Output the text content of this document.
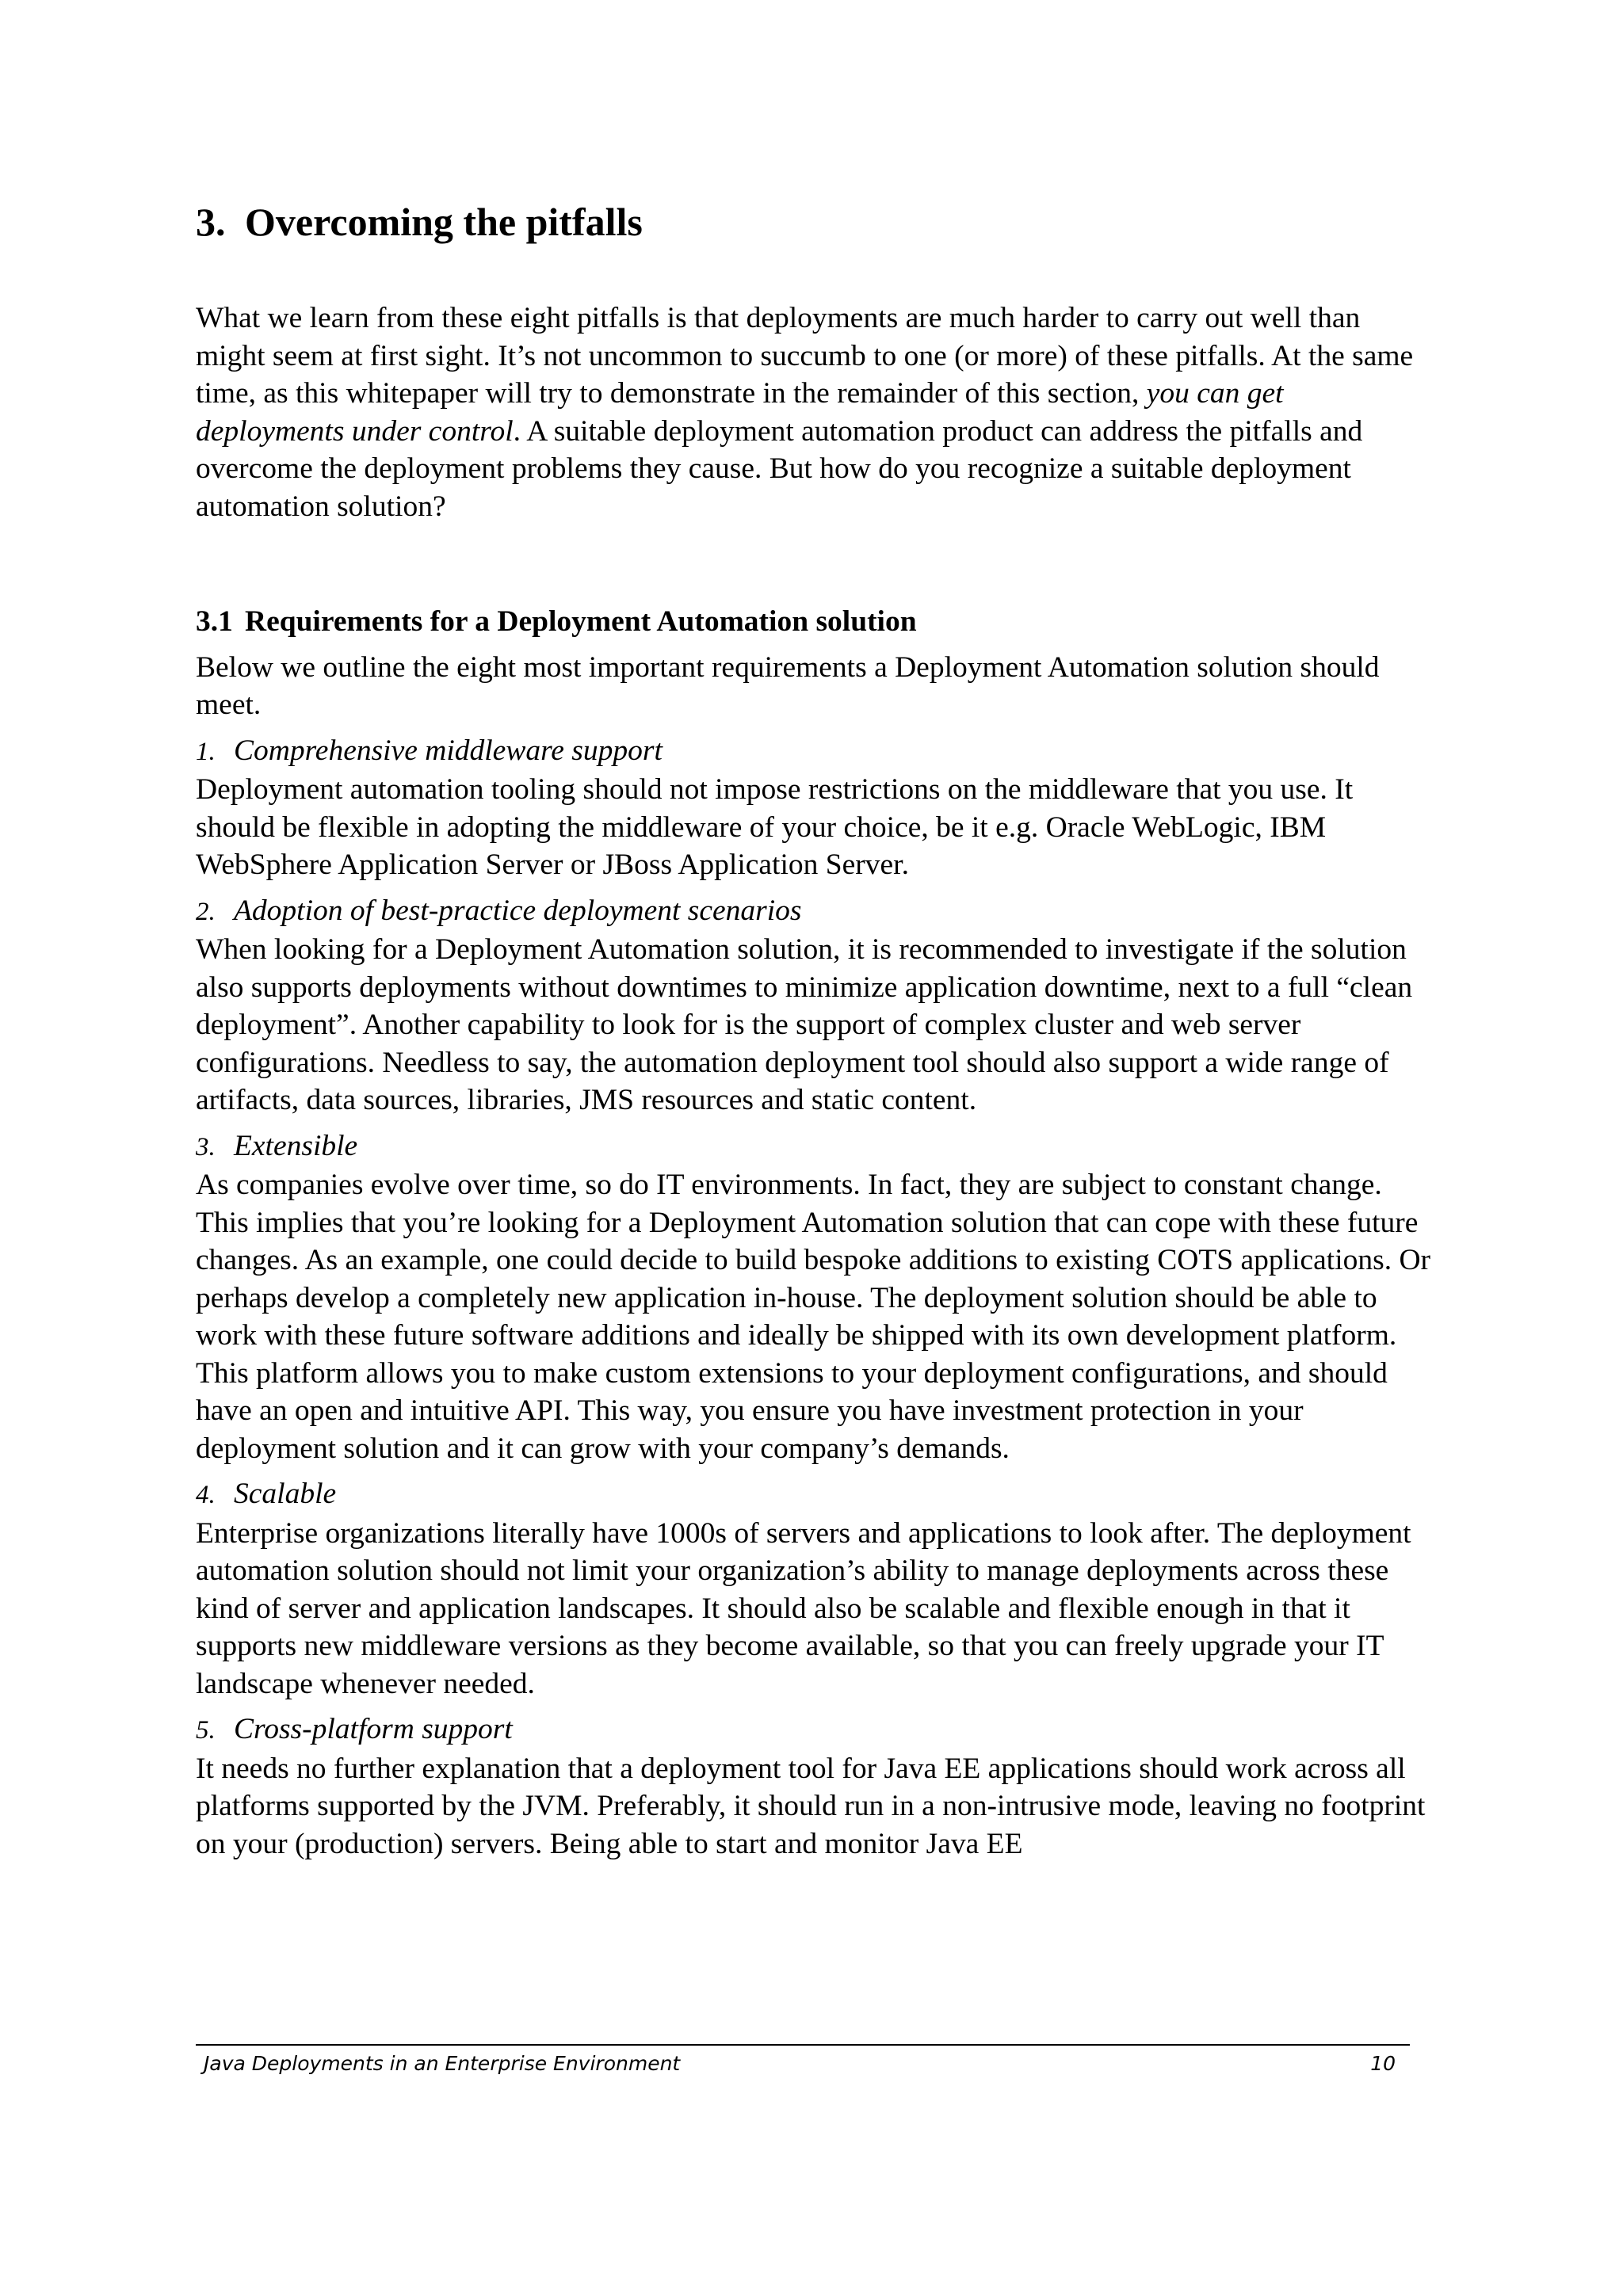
3. Overcoming the pitfalls

What we learn from these eight pitfalls is that deployments are much harder to carry out well than might seem at first sight. It’s not uncommon to succumb to one (or more) of these pitfalls. At the same time, as this whitepaper will try to demonstrate in the remainder of this section, you can get deployments under control. A suitable deployment automation product can address the pitfalls and overcome the deployment problems they cause. But how do you recognize a suitable deployment automation solution?

3.1 Requirements for a Deployment Automation solution

Below we outline the eight most important requirements a Deployment Automation solution should meet.

1. Comprehensive middleware support
Deployment automation tooling should not impose restrictions on the middleware that you use. It should be flexible in adopting the middleware of your choice, be it e.g. Oracle WebLogic, IBM WebSphere Application Server or JBoss Application Server.
2. Adoption of best-practice deployment scenarios
When looking for a Deployment Automation solution, it is recommended to investigate if the solution also supports deployments without downtimes to minimize application downtime, next to a full “clean deployment”. Another capability to look for is the support of complex cluster and web server configurations. Needless to say, the automation deployment tool should also support a wide range of artifacts, data sources, libraries, JMS resources and static content.
3. Extensible
As companies evolve over time, so do IT environments. In fact, they are subject to constant change. This implies that you’re looking for a Deployment Automation solution that can cope with these future changes. As an example, one could decide to build bespoke additions to existing COTS applications. Or perhaps develop a completely new application in-house. The deployment solution should be able to work with these future software additions and ideally be shipped with its own development platform. This platform allows you to make custom extensions to your deployment configurations, and should have an open and intuitive API. This way, you ensure you have investment protection in your deployment solution and it can grow with your company’s demands.
4. Scalable
Enterprise organizations literally have 1000s of servers and applications to look after. The deployment automation solution should not limit your organization’s ability to manage deployments across these kind of server and application landscapes. It should also be scalable and flexible enough in that it supports new middleware versions as they become available, so that you can freely upgrade your IT landscape whenever needed.
5. Cross-platform support
It needs no further explanation that a deployment tool for Java EE applications should work across all platforms supported by the JVM. Preferably, it should run in a non-intrusive mode, leaving no footprint on your (production) servers. Being able to start and monitor Java EE
Java Deployments in an Enterprise Environment	10
